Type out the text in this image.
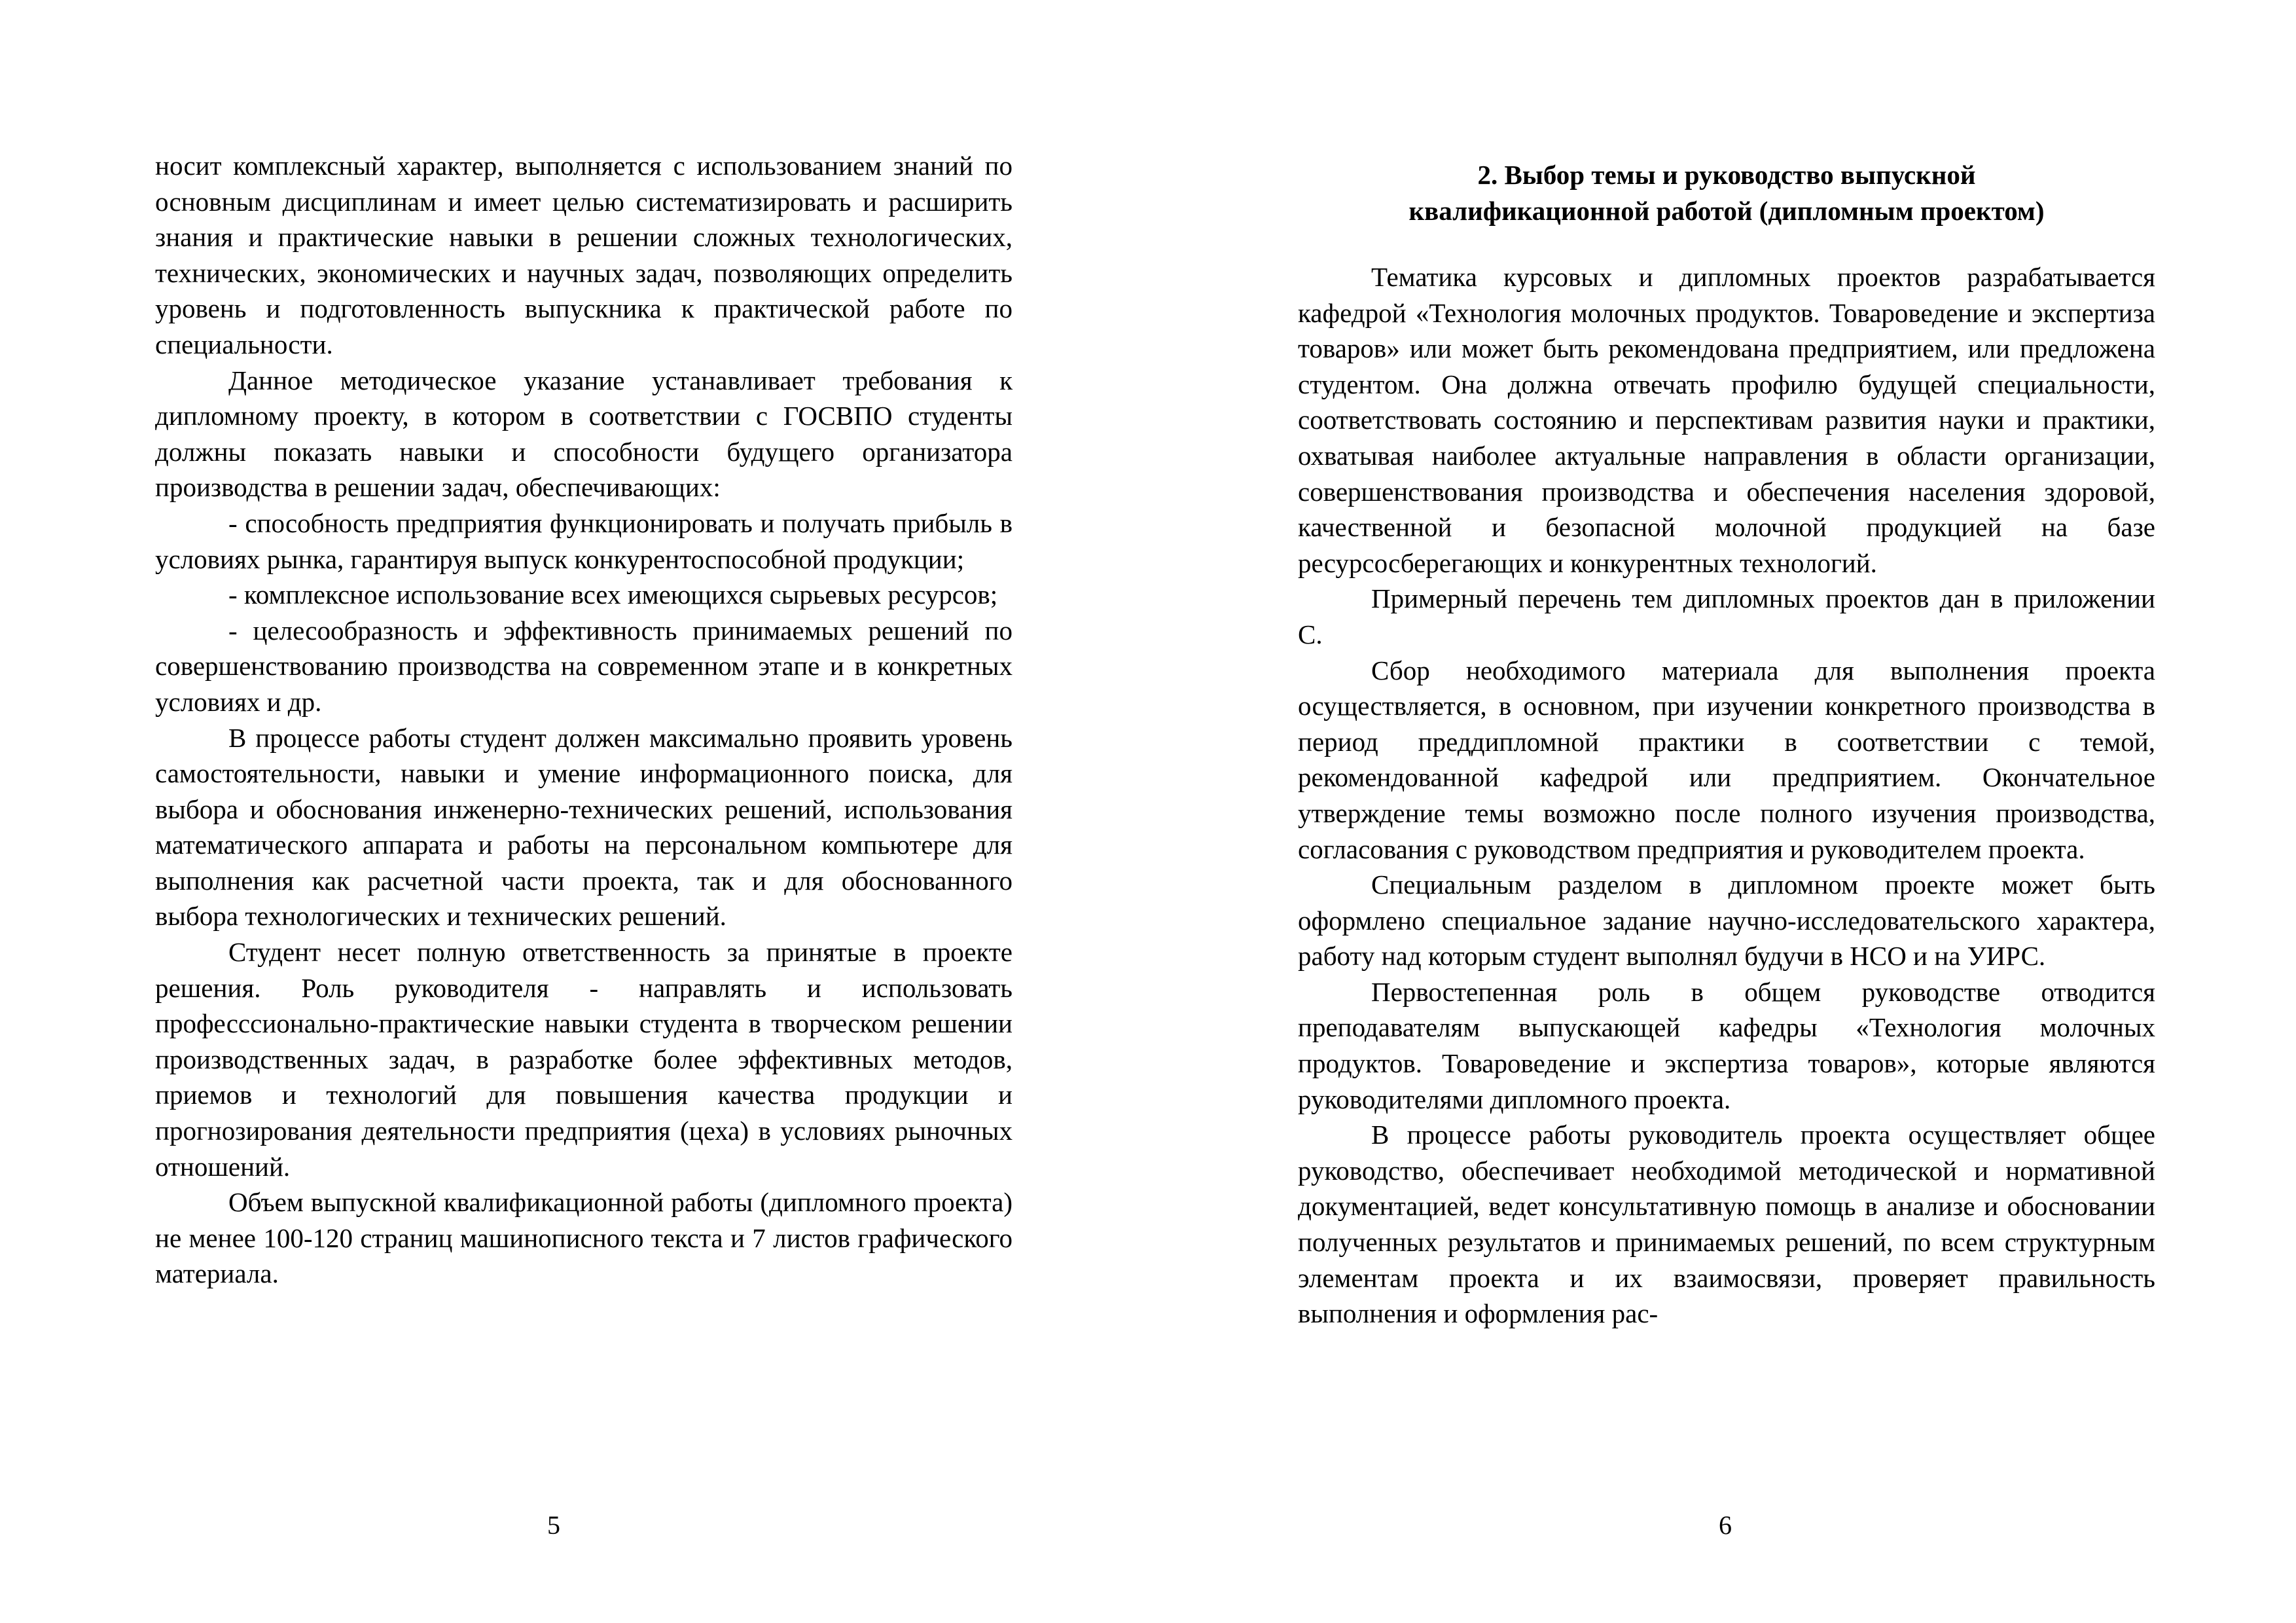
носит комплексный характер, выполняется с использованием знаний по основным дисциплинам и имеет целью систематизировать и расширить знания и практические навыки в решении сложных технологических, технических, экономических и научных задач, позволяющих определить уровень и подготовленность выпускника к практической работе по специальности.

Данное методическое указание устанавливает требования к дипломному проекту, в котором в соответствии с ГОСВПО студенты должны показать навыки и способности будущего организатора производства в решении задач, обеспечивающих:

- способность предприятия функционировать и получать прибыль в условиях рынка, гарантируя выпуск конкурентоспособной продукции;

- комплексное использование всех имеющихся сырьевых ресурсов;

- целесообразность и эффективность принимаемых решений по совершенствованию производства на современном этапе и в конкретных условиях и др.

В процессе работы студент должен максимально проявить уровень самостоятельности, навыки и умение информационного поиска, для выбора и обоснования инженерно-технических решений, использования математического аппарата и работы на персональном компьютере для выполнения как расчетной части проекта, так и для обоснованного выбора технологических и технических решений.

Студент несет полную ответственность за принятые в проекте решения. Роль руководителя - направлять и использовать професссионально-практические навыки студента в творческом решении производственных задач, в разработке более эффективных методов, приемов и технологий для повышения качества продукции и прогнозирования деятельности предприятия (цеха) в условиях рыночных отношений.

Объем выпускной квалификационной работы (дипломного проекта) не менее 100-120 страниц машинописного текста и 7 листов графического материала.

5
2. Выбор темы и руководство выпускной
квалификационной работой (дипломным проектом)

Тематика курсовых и дипломных проектов разрабатывается кафедрой «Технология молочных продуктов. Товароведение и экспертиза товаров» или может быть рекомендована предприятием, или предложена студентом. Она должна отвечать профилю будущей специальности, соответствовать состоянию и перспективам развития науки и практики, охватывая наиболее актуальные направления в области организации, совершенствования производства и обеспечения населения здоровой, качественной и безопасной молочной продукцией на базе ресурсосберегающих и конкурентных технологий.

Примерный перечень тем дипломных проектов дан в приложении С.

Сбор необходимого материала для выполнения проекта осуществляется, в основном, при изучении конкретного производства в период преддипломной практики в соответствии с темой, рекомендованной кафедрой или предприятием. Окончательное утверждение темы возможно после полного изучения производства, согласования с руководством предприятия и руководителем проекта.

Специальным разделом в дипломном проекте может быть оформлено специальное задание научно-исследовательского характера, работу над которым студент выполнял будучи в НСО и на УИРС.

Первостепенная роль в общем руководстве отводится преподавателям выпускающей кафедры «Технология молочных продуктов. Товароведение и экспертиза товаров», которые являются руководителями дипломного проекта.

В процессе работы руководитель проекта осуществляет общее руководство, обеспечивает необходимой методической и нормативной документацией, ведет консультативную помощь в анализе и обосновании полученных результатов и принимаемых решений, по всем структурным элементам проекта и их взаимосвязи, проверяет правильность выполнения и оформления рас-

6
